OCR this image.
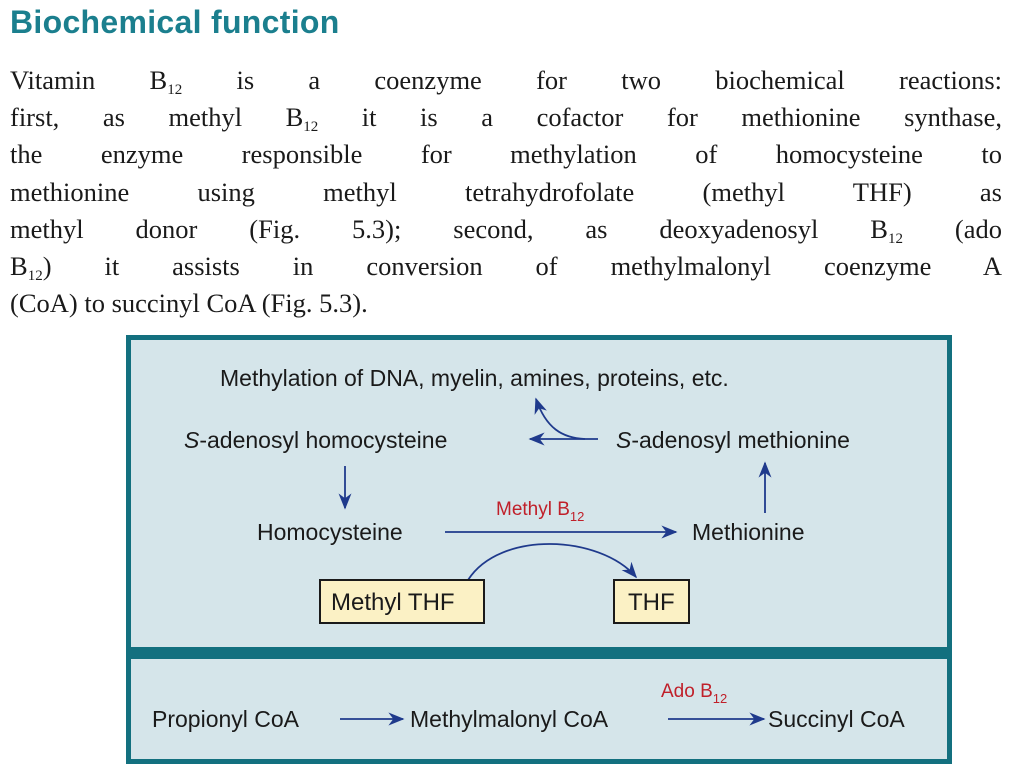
Biochemical function
Vitamin $B_{12}$ is a coenzyme for two biochemical reactions:
first, as methyl $B_{12}$ it is a cofactor for methionine synthase,
the enzyme responsible for methylation of homocysteine to
methionine using methyl tetrahydrofolate (methyl THF) as
methyl donor (Fig. 5.3); second, as deoxyadenosyl $B_{12}$ (ado
$B_{12}$) it assists in conversion of methylmalonyl coenzyme A
(CoA) to succinyl CoA (Fig. 5.3).
Methylation of DNA, myelin, amines, proteins, etc.
S-adenosyl homocysteine	S-adenosyl methionine
Homocysteine	Methionine
Methyl $B_{12}$
Methyl THF	THF
Propionyl CoA	Methylmalonyl CoA
Ado $B_{12}$
Succinyl CoA
